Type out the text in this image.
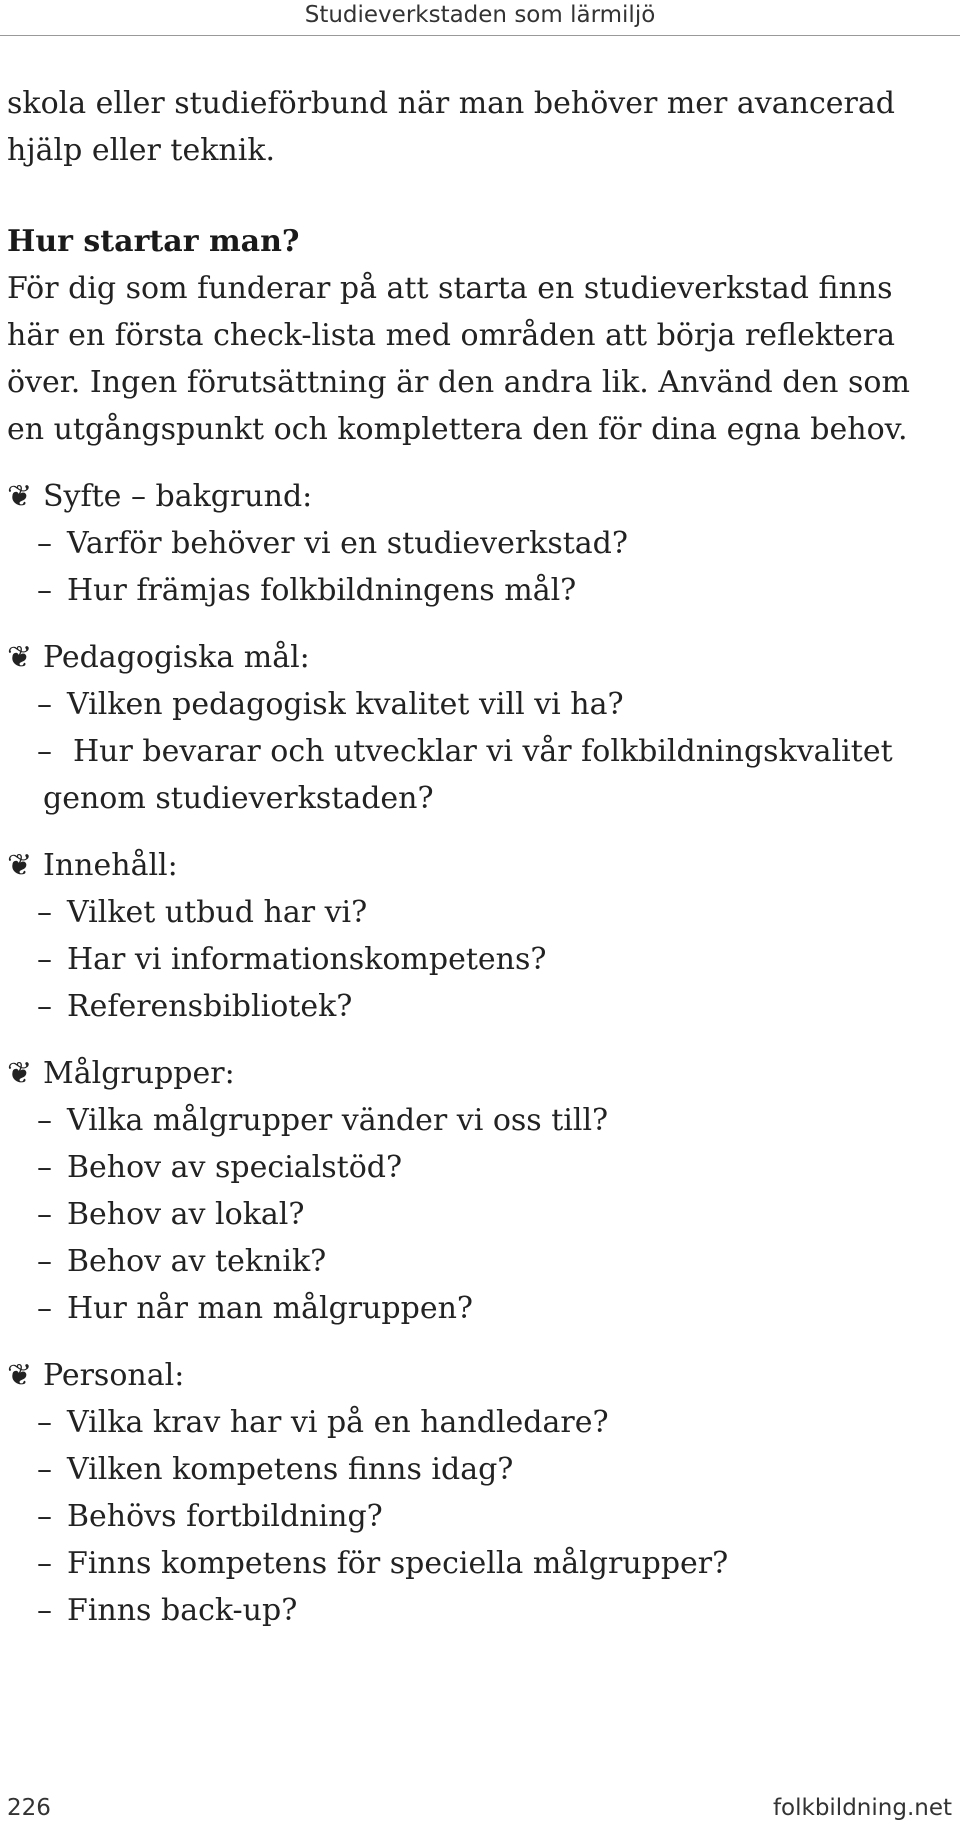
Studieverkstaden som lärmiljö

skola eller studieförbund när man behöver mer avancerad hjälp eller teknik.

Hur startar man?

För dig som funderar på att starta en studieverkstad finns här en första check-lista med områden att börja reflektera över. Ingen förutsättning är den andra lik. Använd den som en utgångspunkt och komplettera den för dina egna behov.

❦ Syfte – bakgrund:
– Varför behöver vi en studieverkstad?
– Hur främjas folkbildningens mål?
❦ Pedagogiska mål:
– Vilken pedagogisk kvalitet vill vi ha?
– Hur bevarar och utvecklar vi vår folkbildningskvalitet genom studieverkstaden?
❦ Innehåll:
– Vilket utbud har vi?
– Har vi informationskompetens?
– Referensbibliotek?
❦ Målgrupper:
– Vilka målgrupper vänder vi oss till?
– Behov av specialstöd?
– Behov av lokal?
– Behov av teknik?
– Hur når man målgruppen?
❦ Personal:
– Vilka krav har vi på en handledare?
– Vilken kompetens finns idag?
– Behövs fortbildning?
– Finns kompetens för speciella målgrupper?
– Finns back-up?
226	folkbildning.net
